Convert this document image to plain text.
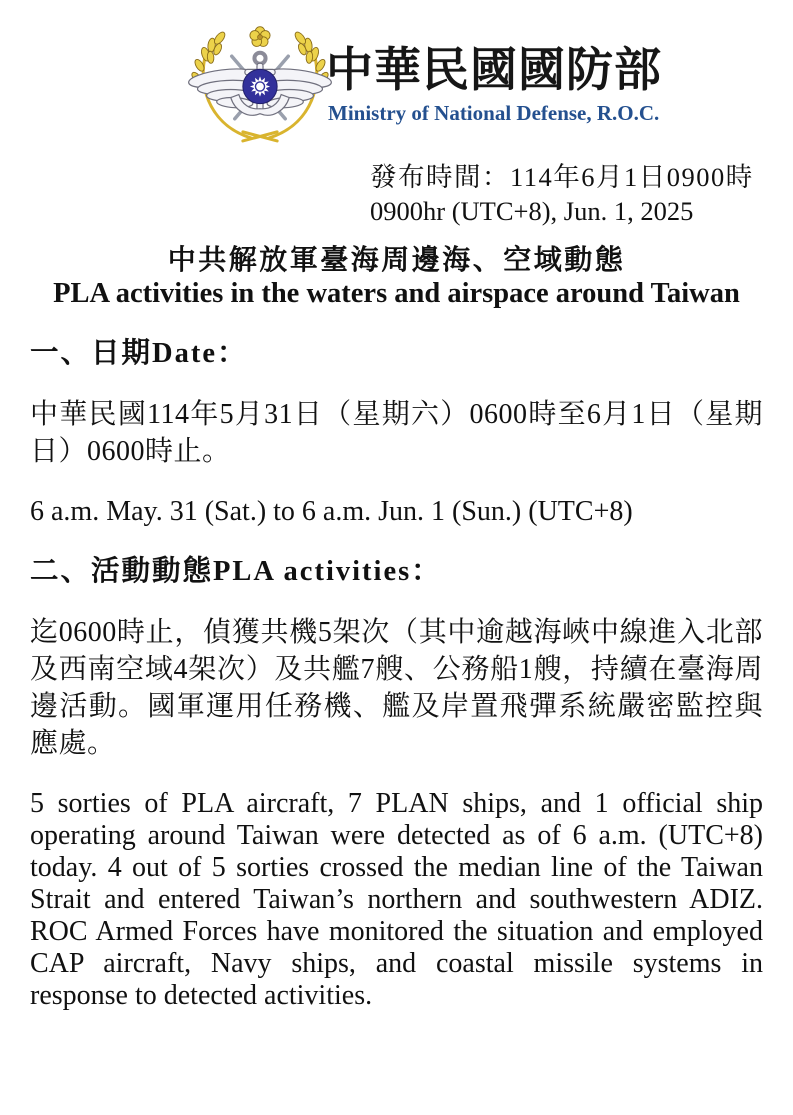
中華民國國防部
Ministry of National Defense, R.O.C.
發布時間：114年6月1日0900時
0900hr (UTC+8), Jun. 1, 2025
中共解放軍臺海周邊海、空域動態
PLA activities in the waters and airspace around Taiwan
一、日期Date：

中華民國114年5月31日（星期六）0600時至6月1日（星期日）0600時止。

6 a.m. May. 31 (Sat.) to 6 a.m. Jun. 1 (Sun.) (UTC+8)

二、活動動態PLA activities：

迄0600時止，偵獲共機5架次（其中逾越海峽中線進入北部及西南空域4架次）及共艦7艘、公務船1艘，持續在臺海周邊活動。國軍運用任務機、艦及岸置飛彈系統嚴密監控與應處。

5 sorties of PLA aircraft, 7 PLAN ships, and 1 official ship operating around Taiwan were detected as of 6 a.m. (UTC+8) today. 4 out of 5 sorties crossed the median line of the Taiwan Strait and entered Taiwan’s northern and southwestern ADIZ. ROC Armed Forces have monitored the situation and employed CAP aircraft, Navy ships, and coastal missile systems in response to detected activities.
